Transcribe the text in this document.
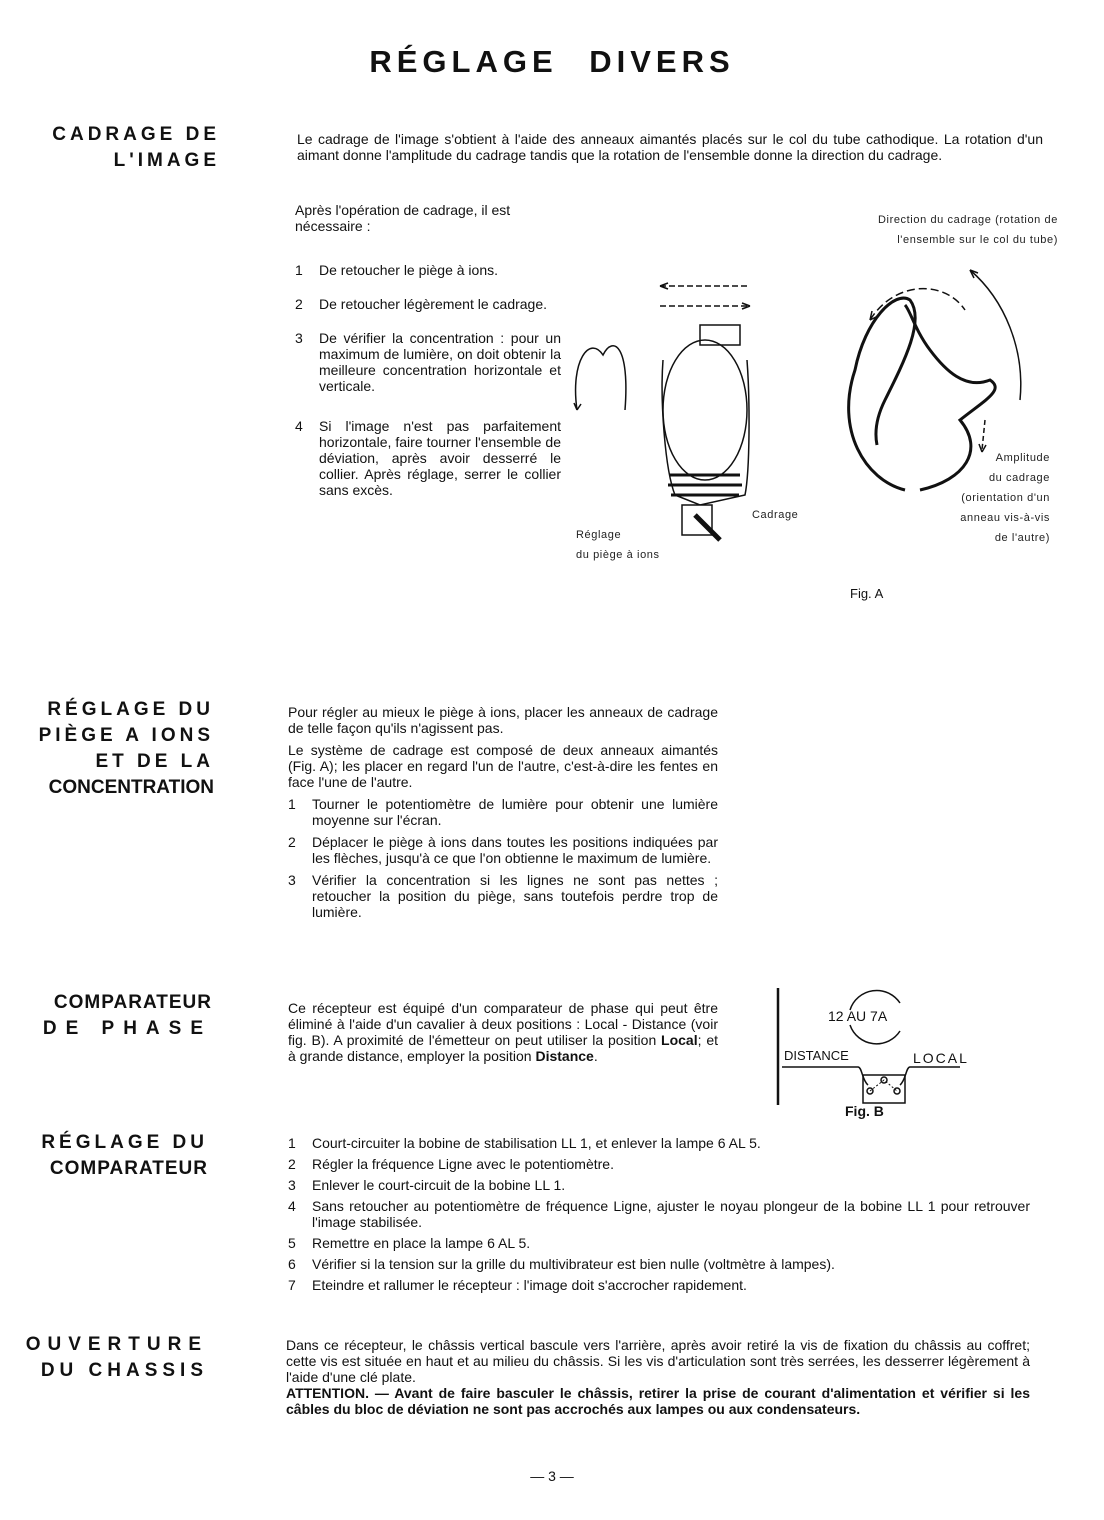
RÉGLAGE DIVERS
CADRAGE DE
L'IMAGE

Le cadrage de l'image s'obtient à l'aide des anneaux aimantés placés sur le col du tube cathodique. La rotation d'un aimant donne l'amplitude du cadrage tandis que la rotation de l'ensemble donne la direction du cadrage.

Après l'opération de cadrage, il est nécessaire :

1	De retoucher le piège à ions.
2	De retoucher légèrement le cadrage.
3	De vérifier la concentration : pour un maximum de lumière, on doit obtenir la meilleure concentration horizontale et verticale.
4	Si l'image n'est pas parfaitement horizontale, faire tourner l'ensemble de déviation, après avoir desserré le collier. Après réglage, serrer le collier sans excès.
Direction du cadrage (rotation de
l'ensemble sur le col du tube)
Cadrage
Réglage
du piège à ions
Amplitude
du cadrage
(orientation d'un
anneau vis-à-vis
de l'autre)
Fig. A
RÉGLAGE DU
PIÈGE A IONS
ET DE LA
CONCENTRATION

Pour régler au mieux le piège à ions, placer les anneaux de cadrage de telle façon qu'ils n'agissent pas.

Le système de cadrage est composé de deux anneaux aimantés (Fig. A); les placer en regard l'un de l'autre, c'est-à-dire les fentes en face l'une de l'autre.

1	Tourner le potentiomètre de lumière pour obtenir une lumière moyenne sur l'écran.
2	Déplacer le piège à ions dans toutes les positions indiquées par les flèches, jusqu'à ce que l'on obtienne le maximum de lumière.
3	Vérifier la concentration si les lignes ne sont pas nettes ; retoucher la position du piège, sans toutefois perdre trop de lumière.
COMPARATEUR
DE PHASE

Ce récepteur est équipé d'un comparateur de phase qui peut être éliminé à l'aide d'un cavalier à deux positions : Local - Distance (voir fig. B). A proximité de l'émetteur on peut utiliser la position Local; et à grande distance, employer la position Distance.

12 AU 7A
DISTANCE	LOCAL
Fig. B
RÉGLAGE DU
COMPARATEUR
1	Court-circuiter la bobine de stabilisation LL 1, et enlever la lampe 6 AL 5.
2	Régler la fréquence Ligne avec le potentiomètre.
3	Enlever le court-circuit de la bobine LL 1.
4	Sans retoucher au potentiomètre de fréquence Ligne, ajuster le noyau plongeur de la bobine LL 1 pour retrouver l'image stabilisée.
5	Remettre en place la lampe 6 AL 5.
6	Vérifier si la tension sur la grille du multivibrateur est bien nulle (voltmètre à lampes).
7	Eteindre et rallumer le récepteur : l'image doit s'accrocher rapidement.
OUVERTURE
DU CHASSIS

Dans ce récepteur, le châssis vertical bascule vers l'arrière, après avoir retiré la vis de fixation du châssis au coffret; cette vis est située en haut et au milieu du châssis. Si les vis d'articulation sont très serrées, les desserrer légèrement à l'aide d'une clé plate.

ATTENTION. — Avant de faire basculer le châssis, retirer la prise de courant d'alimentation et vérifier si les câbles du bloc de déviation ne sont pas accrochés aux lampes ou aux condensateurs.

— 3 —
